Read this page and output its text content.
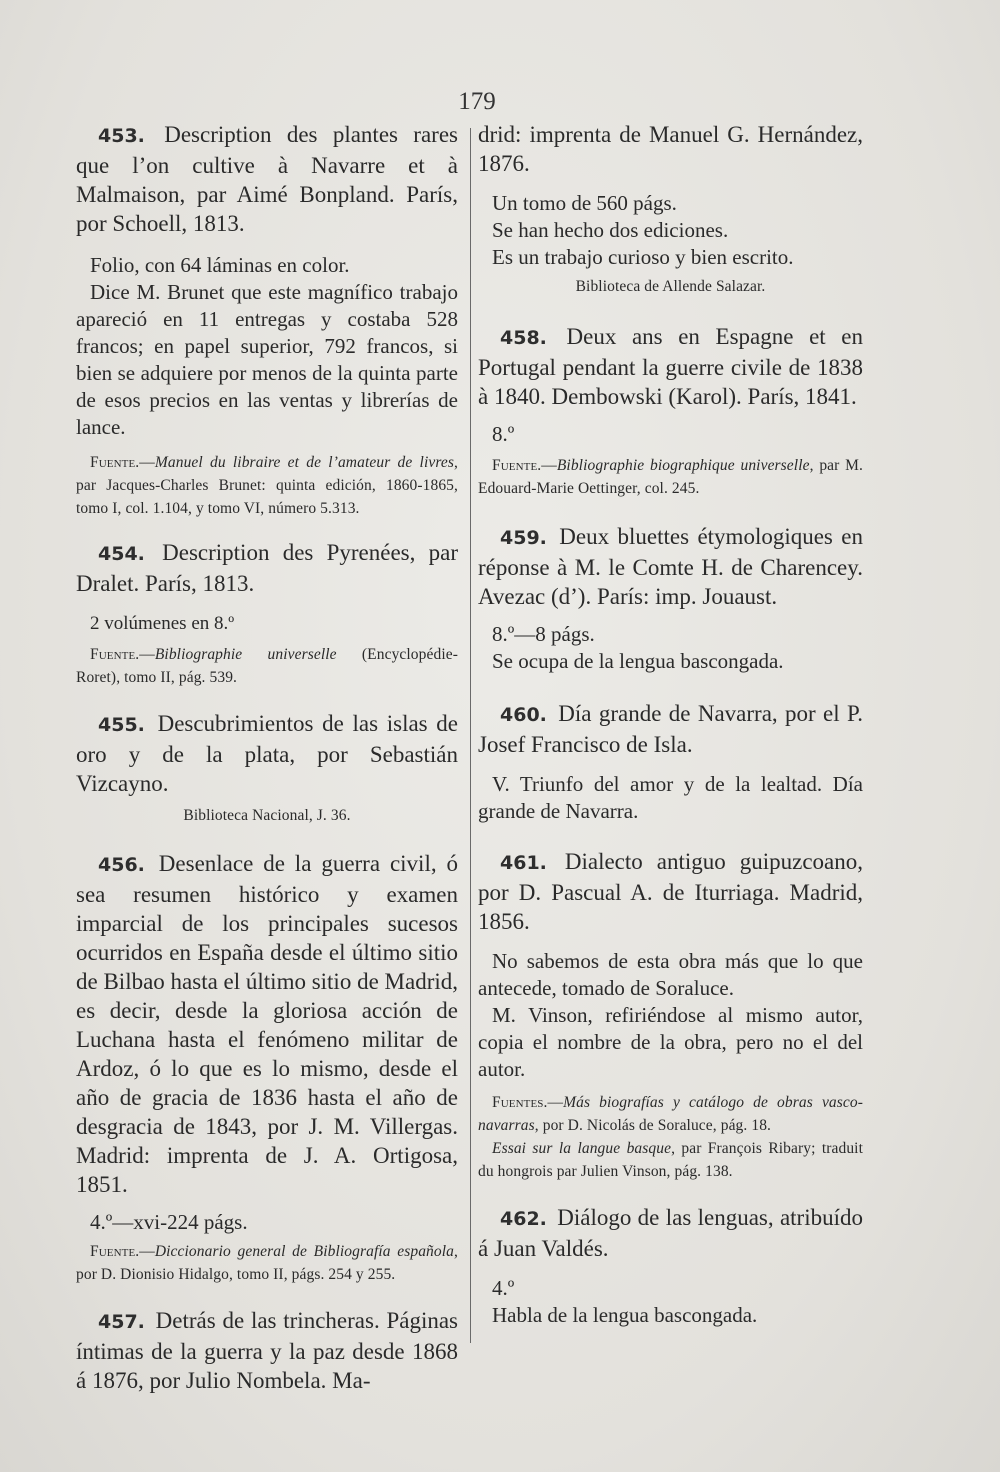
179

453. Description des plantes rares que l’on cultive à Navarre et à Malmaison, par Aimé Bonpland. París, por Schoell, 1813.

Folio, con 64 láminas en color.

Dice M. Brunet que este magnífico trabajo apareció en 11 entregas y costaba 528 francos; en papel superior, 792 francos, si bien se adquiere por menos de la quinta parte de esos precios en las ventas y librerías de lance.

Fuente.—Manuel du libraire et de l’amateur de livres, par Jacques-Charles Brunet: quinta edición, 1860-1865, tomo I, col. 1.104, y tomo VI, número 5.313.

454. Description des Pyrenées, par Dralet. París, 1813.

2 volúmenes en 8.º

Fuente.—Bibliographie universelle (Encyclopédie-Roret), tomo II, pág. 539.

455. Descubrimientos de las islas de oro y de la plata, por Sebastián Vizcayno.

Biblioteca Nacional, J. 36.

456. Desenlace de la guerra civil, ó sea resumen histórico y examen imparcial de los principales sucesos ocurridos en España desde el último sitio de Bilbao hasta el último sitio de Madrid, es decir, desde la gloriosa acción de Luchana hasta el fenómeno militar de Ardoz, ó lo que es lo mismo, desde el año de gracia de 1836 hasta el año de desgracia de 1843, por J. M. Villergas. Madrid: imprenta de J. A. Ortigosa, 1851.

4.º—xvi-224 págs.

Fuente.—Diccionario general de Bibliografía española, por D. Dionisio Hidalgo, tomo II, págs. 254 y 255.

457. Detrás de las trincheras. Páginas íntimas de la guerra y la paz desde 1868 á 1876, por Julio Nombela. Ma-

drid: imprenta de Manuel G. Hernández, 1876.

Un tomo de 560 págs.

Se han hecho dos ediciones.

Es un trabajo curioso y bien escrito.

Biblioteca de Allende Salazar.

458. Deux ans en Espagne et en Portugal pendant la guerre civile de 1838 à 1840. Dembowski (Karol). París, 1841.

8.º

Fuente.—Bibliographie biographique universelle, par M. Edouard-Marie Oettinger, col. 245.

459. Deux bluettes étymologiques en réponse à M. le Comte H. de Charencey. Avezac (d’). París: imp. Jouaust.

8.º—8 págs.

Se ocupa de la lengua bascongada.

460. Día grande de Navarra, por el P. Josef Francisco de Isla.

V. Triunfo del amor y de la lealtad. Día grande de Navarra.

461. Dialecto antiguo guipuzcoano, por D. Pascual A. de Iturriaga. Madrid, 1856.

No sabemos de esta obra más que lo que antecede, tomado de Soraluce.

M. Vinson, refiriéndose al mismo autor, copia el nombre de la obra, pero no el del autor.

Fuentes.—Más biografías y catálogo de obras vasco-navarras, por D. Nicolás de Soraluce, pág. 18.

Essai sur la langue basque, par François Ribary; traduit du hongrois par Julien Vinson, pág. 138.

462. Diálogo de las lenguas, atribuído á Juan Valdés.

4.º

Habla de la lengua bascongada.
